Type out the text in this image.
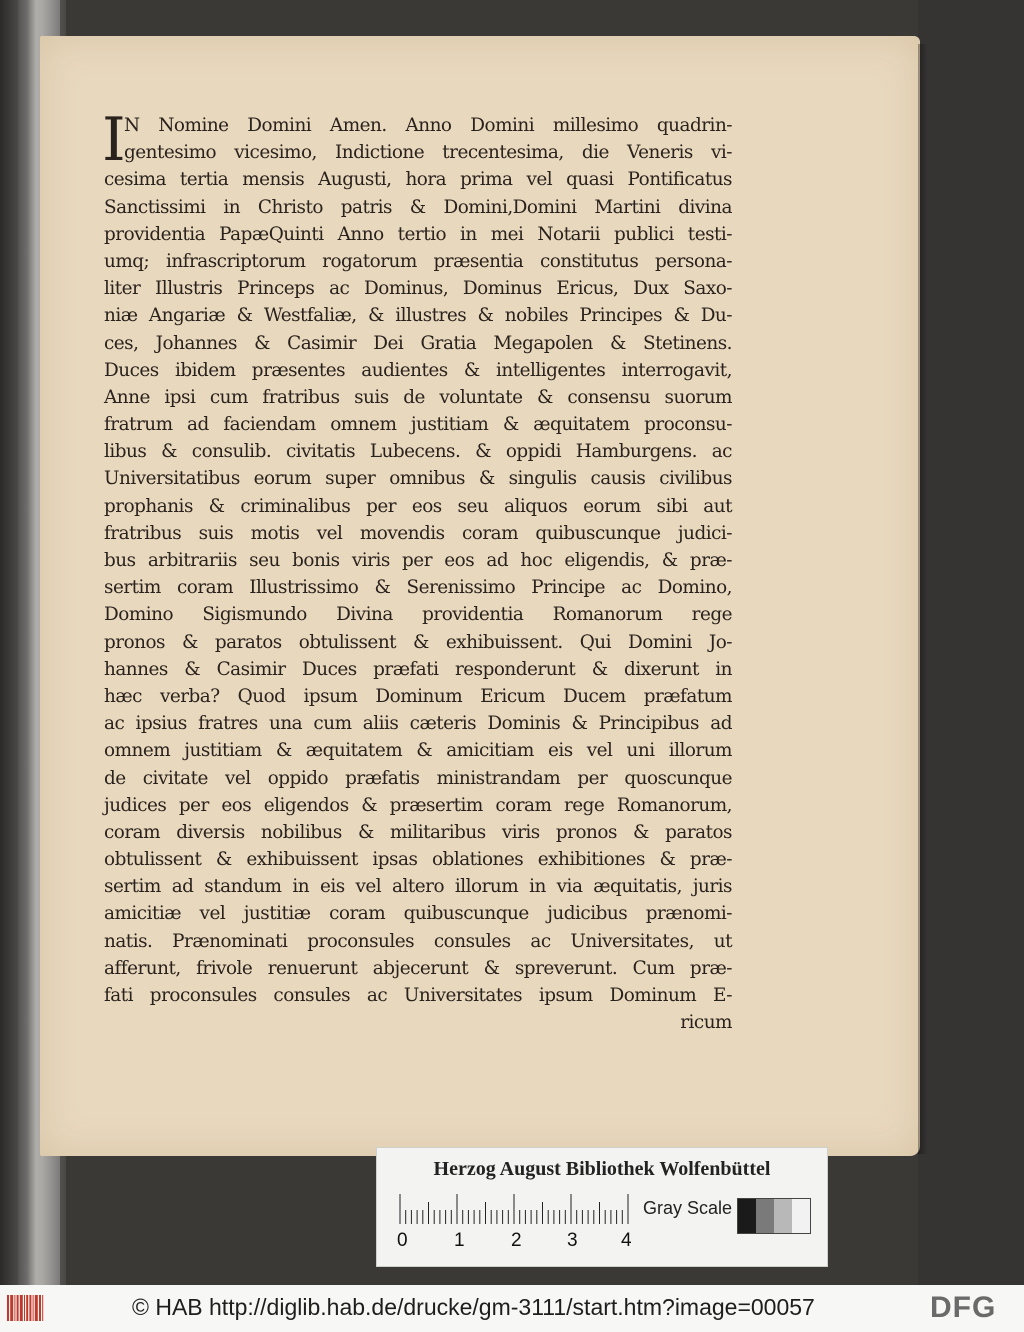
I
N Nomine Domini Amen. Anno Domini millesimo quadrin-
gentesimo vicesimo, Indictione trecentesima, die Veneris vi-
cesima tertia mensis Augusti, hora prima vel quasi Pontificatus
Sanctissimi in Christo patris & Domini,Domini Martini divina
providentia PapæQuinti Anno tertio in mei Notarii publici testi-
umq; infrascriptorum rogatorum præsentia constitutus persona-
liter Illustris Princeps ac Dominus, Dominus Ericus, Dux Saxo-
niæ Angariæ & Westfaliæ, & illustres & nobiles Principes & Du-
ces, Johannes & Casimir Dei Gratia Megapolen & Stetinens.
Duces ibidem præsentes audientes & intelligentes interrogavit,
Anne ipsi cum fratribus suis de voluntate & consensu suorum
fratrum ad faciendam omnem justitiam & æquitatem proconsu-
libus & consulib. civitatis Lubecens. & oppidi Hamburgens. ac
Universitatibus eorum super omnibus & singulis causis civilibus
prophanis & criminalibus per eos seu aliquos eorum sibi aut
fratribus suis motis vel movendis coram quibuscunque judici-
bus arbitrariis seu bonis viris per eos ad hoc eligendis, & præ-
sertim coram Illustrissimo & Serenissimo Principe ac Domino,
Domino Sigismundo Divina providentia Romanorum rege
pronos & paratos obtulissent & exhibuissent. Qui Domini Jo-
hannes & Casimir Duces præfati responderunt & dixerunt in
hæc verba? Quod ipsum Dominum Ericum Ducem præfatum
ac ipsius fratres una cum aliis cæteris Dominis & Principibus ad
omnem justitiam & æquitatem & amicitiam eis vel uni illorum
de civitate vel oppido præfatis ministrandam per quoscunque
judices per eos eligendos & præsertim coram rege Romanorum,
coram diversis nobilibus & militaribus viris pronos & paratos
obtulissent & exhibuissent ipsas oblationes exhibitiones & præ-
sertim ad standum in eis vel altero illorum in via æquitatis, juris
amicitiæ vel justitiæ coram quibuscunque judicibus prænomi-
natis. Prænominati proconsules consules ac Universitates, ut
afferunt, frivole renuerunt abjecerunt & spreverunt. Cum præ-
fati proconsules consules ac Universitates ipsum Dominum E-
ricum
Herzog August Bibliothek Wolfenbüttel
0 1 2 3 4
Gray Scale
© HAB http://diglib.hab.de/drucke/gm-3111/start.htm?image=00057	DFG
